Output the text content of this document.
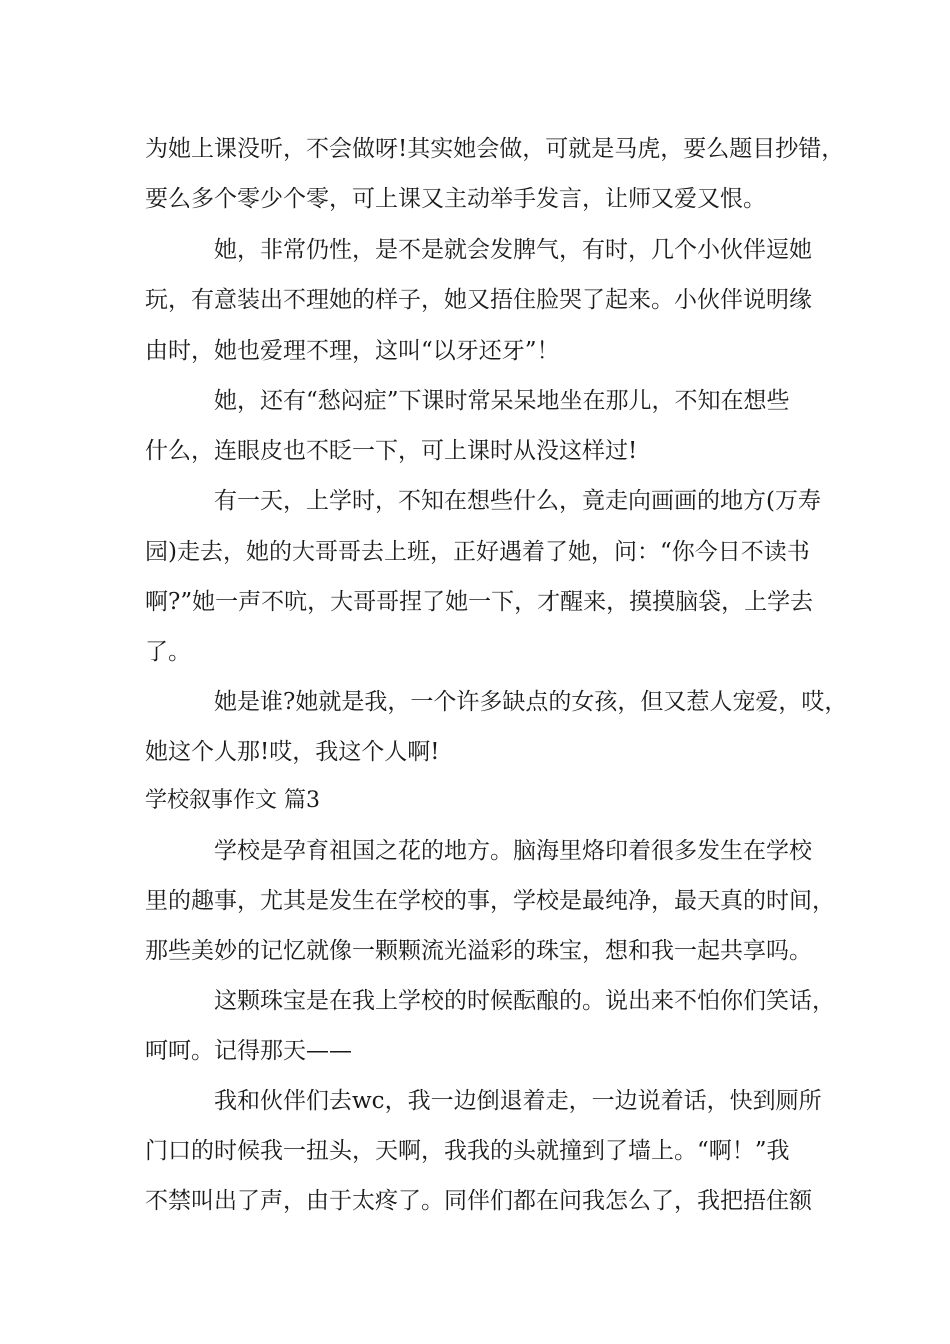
为她上课没听，不会做呀!其实她会做，可就是马虎，要么题目抄错，

要么多个零少个零，可上课又主动举手发言，让师又爱又恨。

她，非常仍性，是不是就会发脾气，有时，几个小伙伴逗她

玩，有意装出不理她的样子，她又捂住脸哭了起来。小伙伴说明缘

由时，她也爱理不理，这叫“以牙还牙”！

她，还有“愁闷症”下课时常呆呆地坐在那儿，不知在想些

什么，连眼皮也不眨一下，可上课时从没这样过!

有一天，上学时，不知在想些什么，竟走向画画的地方(万寿

园)走去，她的大哥哥去上班，正好遇着了她，问：“你今日不读书

啊?”她一声不吭，大哥哥捏了她一下，才醒来，摸摸脑袋，上学去

了。

她是谁?她就是我，一个许多缺点的女孩，但又惹人宠爱，哎，

她这个人那!哎，我这个人啊!

学校叙事作文 篇3

学校是孕育祖国之花的地方。脑海里烙印着很多发生在学校

里的趣事，尤其是发生在学校的事，学校是最纯净，最天真的时间，

那些美妙的记忆就像一颗颗流光溢彩的珠宝，想和我一起共享吗。

这颗珠宝是在我上学校的时候酝酿的。说出来不怕你们笑话，

呵呵。记得那天——

我和伙伴们去wc，我一边倒退着走，一边说着话，快到厕所

门口的时候我一扭头，天啊，我我的头就撞到了墙上。“啊！”我

不禁叫出了声，由于太疼了。同伴们都在问我怎么了，我把捂住额
